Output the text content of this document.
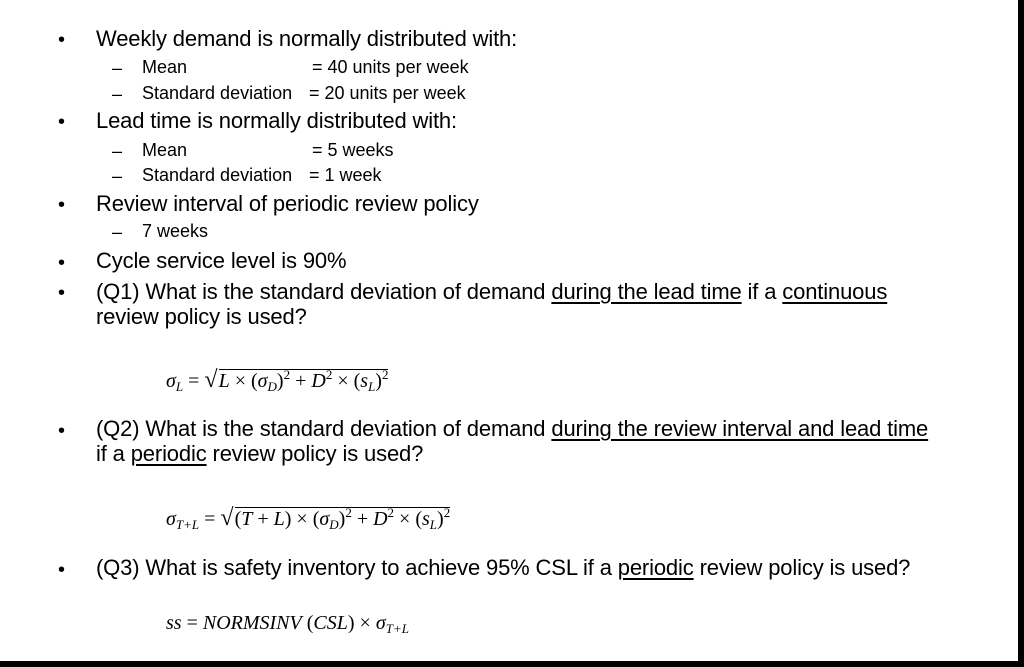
• Weekly demand is normally distributed with:
– Mean	= 40 units per week
– Standard deviation = 20 units per week
• Lead time is normally distributed with:
– Mean	= 5 weeks
– Standard deviation = 1 week
• Review interval of periodic review policy
– 7 weeks
• Cycle service level is 90%
• (Q1) What is the standard deviation of demand during the lead time if a continuous
review policy is used?
$\sigma_L = √L \times (\sigma_D)^2 + D^2 \times (s_L)^2$
• (Q2) What is the standard deviation of demand during the review interval and lead time
if a periodic review policy is used?
$\sigma_{T+L} = √(T + L) \times (\sigma_D)^2 + D^2 \times (s_L)^2$
• (Q3) What is safety inventory to achieve 95% CSL if a periodic review policy is used?
ss = NORMSINV $(CSL) \times \sigma_{T+L}$
